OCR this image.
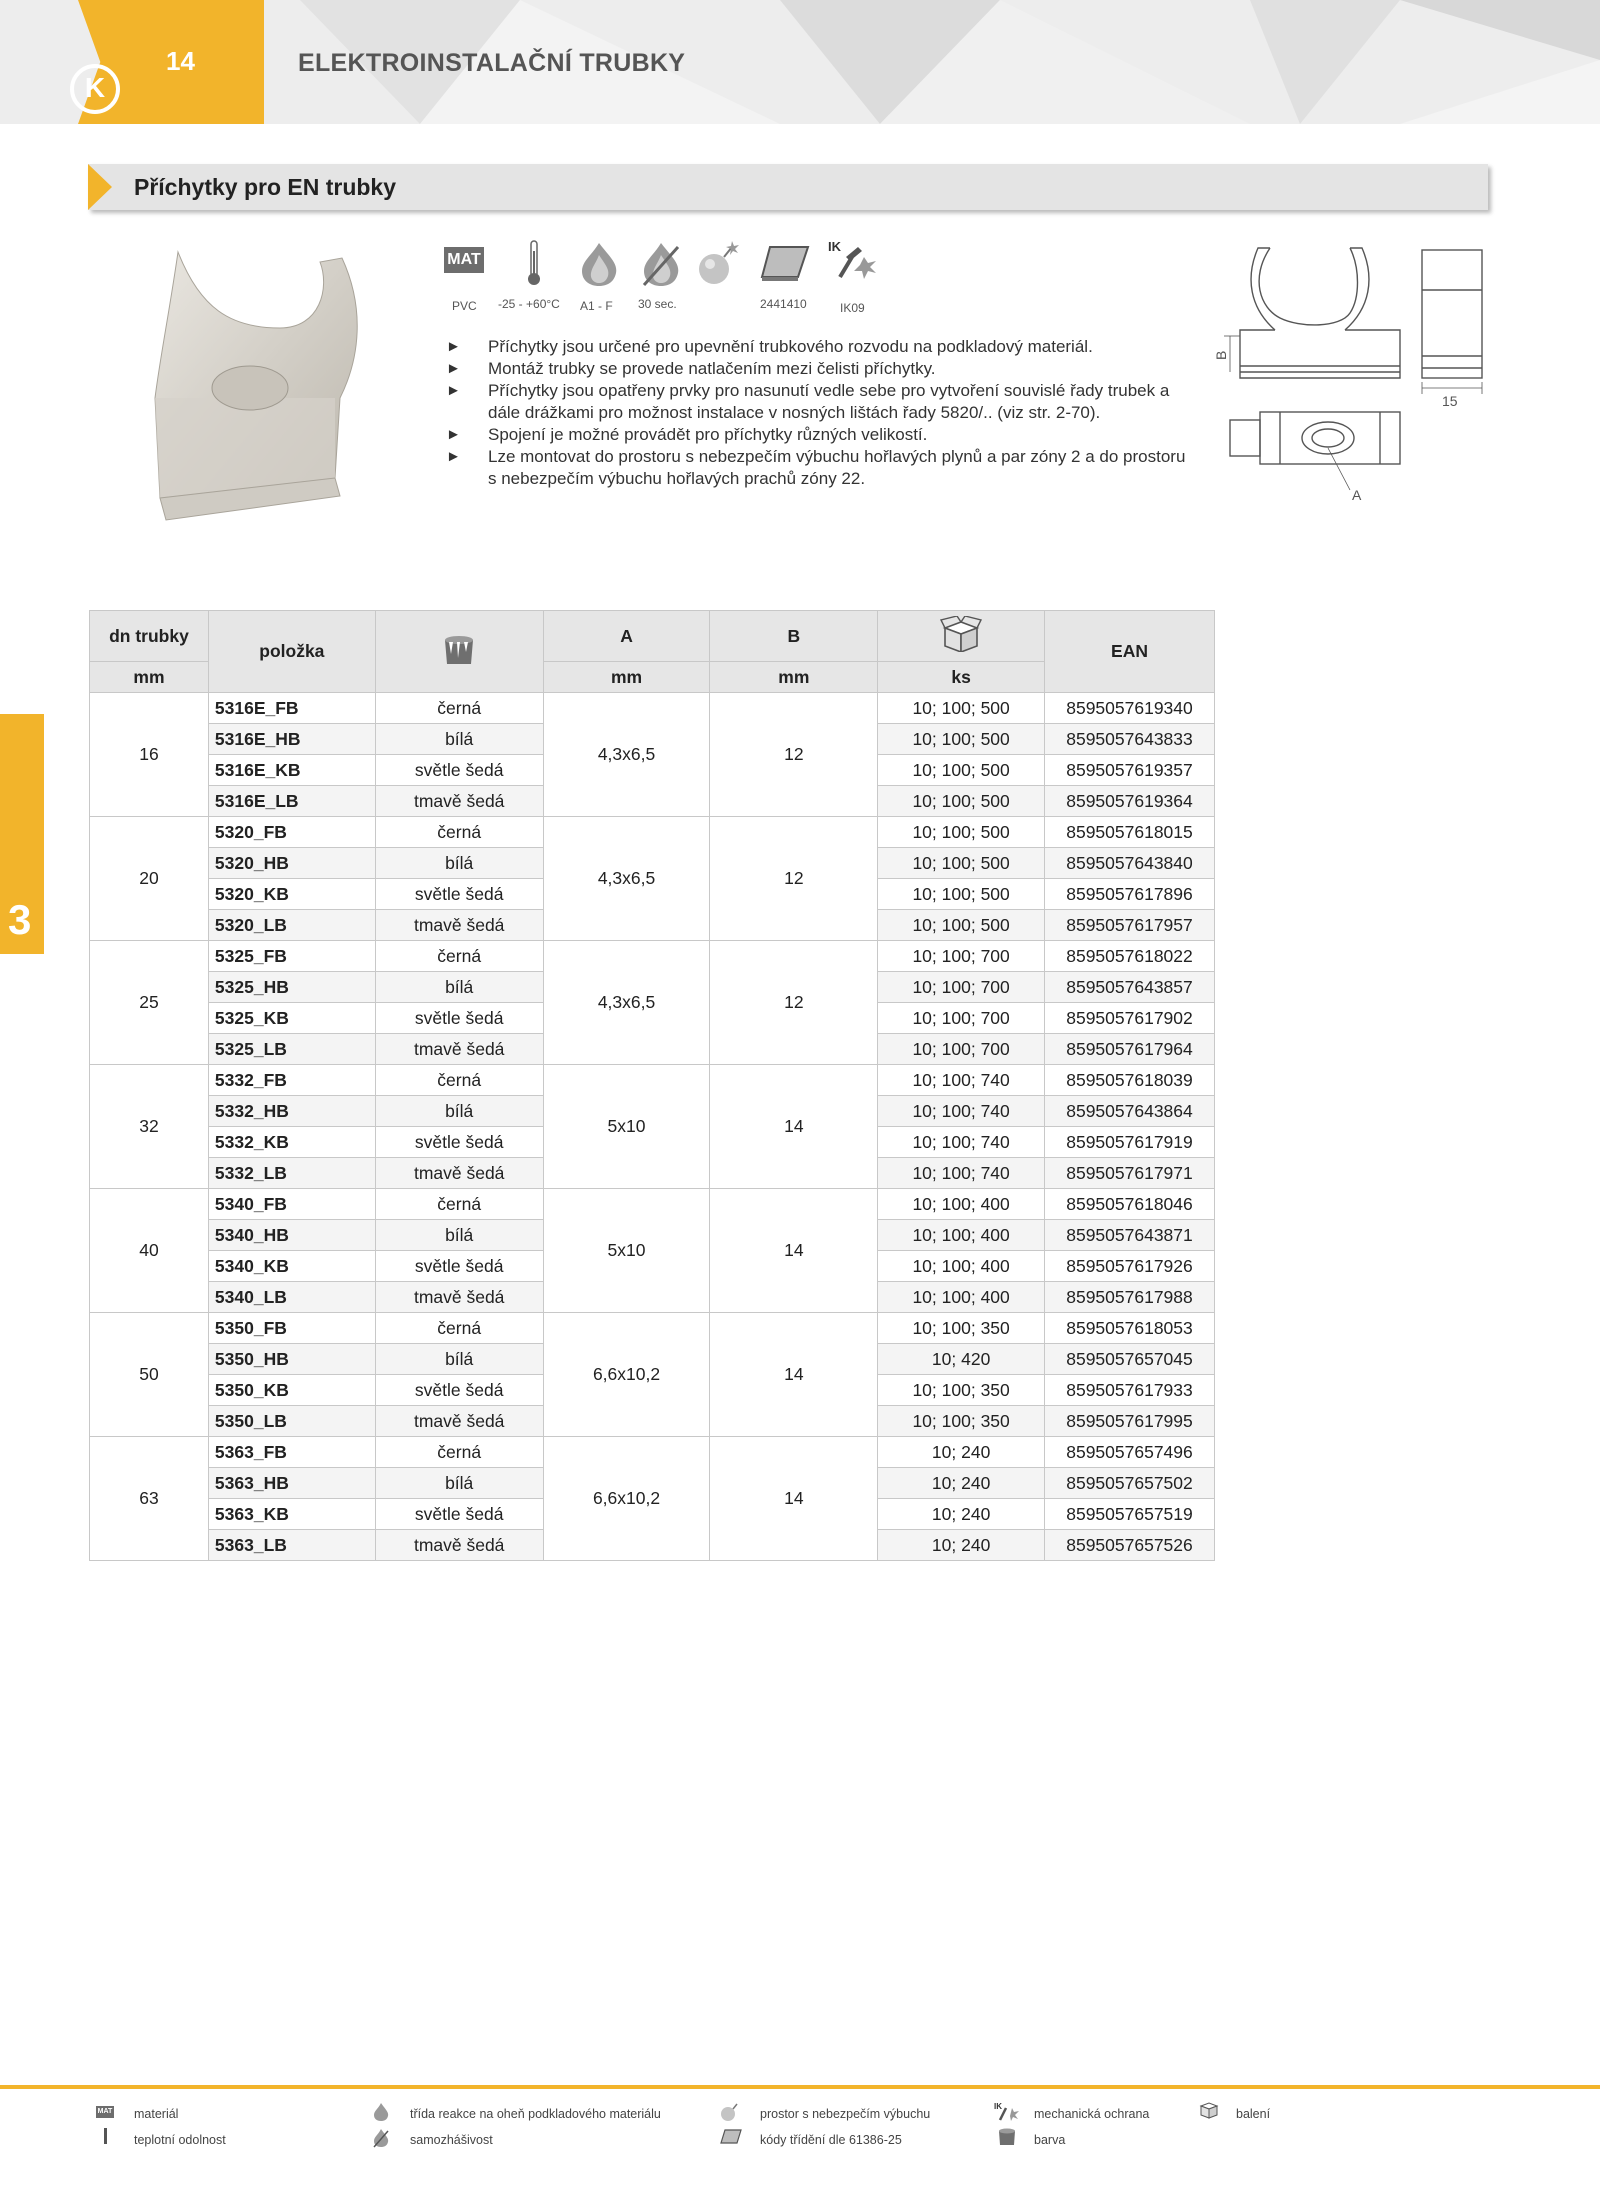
K
14	ELEKTROINSTALAČNÍ TRUBKY
Příchytky pro EN trubky
MAT
PVC -25 - +60°C A1 - F 30 sec.	2441410
IK
IK09
► Příchytky jsou určené pro upevnění trubkového rozvodu na podkladový materiál.
► Montáž trubky se provede natlačením mezi čelisti příchytky.
► Příchytky jsou opatřeny prvky pro nasunutí vedle sebe pro vytvoření souvislé řady trubek a dále drážkami pro možnost instalace v nosných lištách řady 5820/.. (viz str. 2-70).
► Spojení je možné provádět pro příchytky různých velikostí.
► Lze montovat do prostoru s nebezpečím výbuchu hořlavých plynů a par zóny 2 a do prostoru s nebezpečím výbuchu hořlavých prachů zóny 22.
B
15
A
3
dn trubky	položka		A	B		EAN
mm			mm	mm	ks	
16	5316E_FB	černá	4,3x6,5	12	10; 100; 500	8595057619340
	5316E_HB	bílá			10; 100; 500	8595057643833
	5316E_KB	světle šedá			10; 100; 500	8595057619357
	5316E_LB	tmavě šedá			10; 100; 500	8595057619364
20	5320_FB	černá	4,3x6,5	12	10; 100; 500	8595057618015
	5320_HB	bílá			10; 100; 500	8595057643840
	5320_KB	světle šedá			10; 100; 500	8595057617896
	5320_LB	tmavě šedá			10; 100; 500	8595057617957
25	5325_FB	černá	4,3x6,5	12	10; 100; 700	8595057618022
	5325_HB	bílá			10; 100; 700	8595057643857
	5325_KB	světle šedá			10; 100; 700	8595057617902
	5325_LB	tmavě šedá			10; 100; 700	8595057617964
32	5332_FB	černá	5x10	14	10; 100; 740	8595057618039
	5332_HB	bílá			10; 100; 740	8595057643864
	5332_KB	světle šedá			10; 100; 740	8595057617919
	5332_LB	tmavě šedá			10; 100; 740	8595057617971
40	5340_FB	černá	5x10	14	10; 100; 400	8595057618046
	5340_HB	bílá			10; 100; 400	8595057643871
	5340_KB	světle šedá			10; 100; 400	8595057617926
	5340_LB	tmavě šedá			10; 100; 400	8595057617988
50	5350_FB	černá	6,6x10,2	14	10; 100; 350	8595057618053
	5350_HB	bílá			10; 420	8595057657045
	5350_KB	světle šedá			10; 100; 350	8595057617933
	5350_LB	tmavě šedá			10; 100; 350	8595057617995
63	5363_FB	černá	6,6x10,2	14	10; 240	8595057657496
	5363_HB	bílá			10; 240	8595057657502
	5363_KB	světle šedá			10; 240	8595057657519
	5363_LB	tmavě šedá			10; 240	8595057657526
MAT materiál
teplotní odolnost
třída reakce na oheň podkladového materiálu
samozhášivost
prostor s nebezpečím výbuchu
kódy třídění dle 61386-25
IK
mechanická ochrana
barva
balení
